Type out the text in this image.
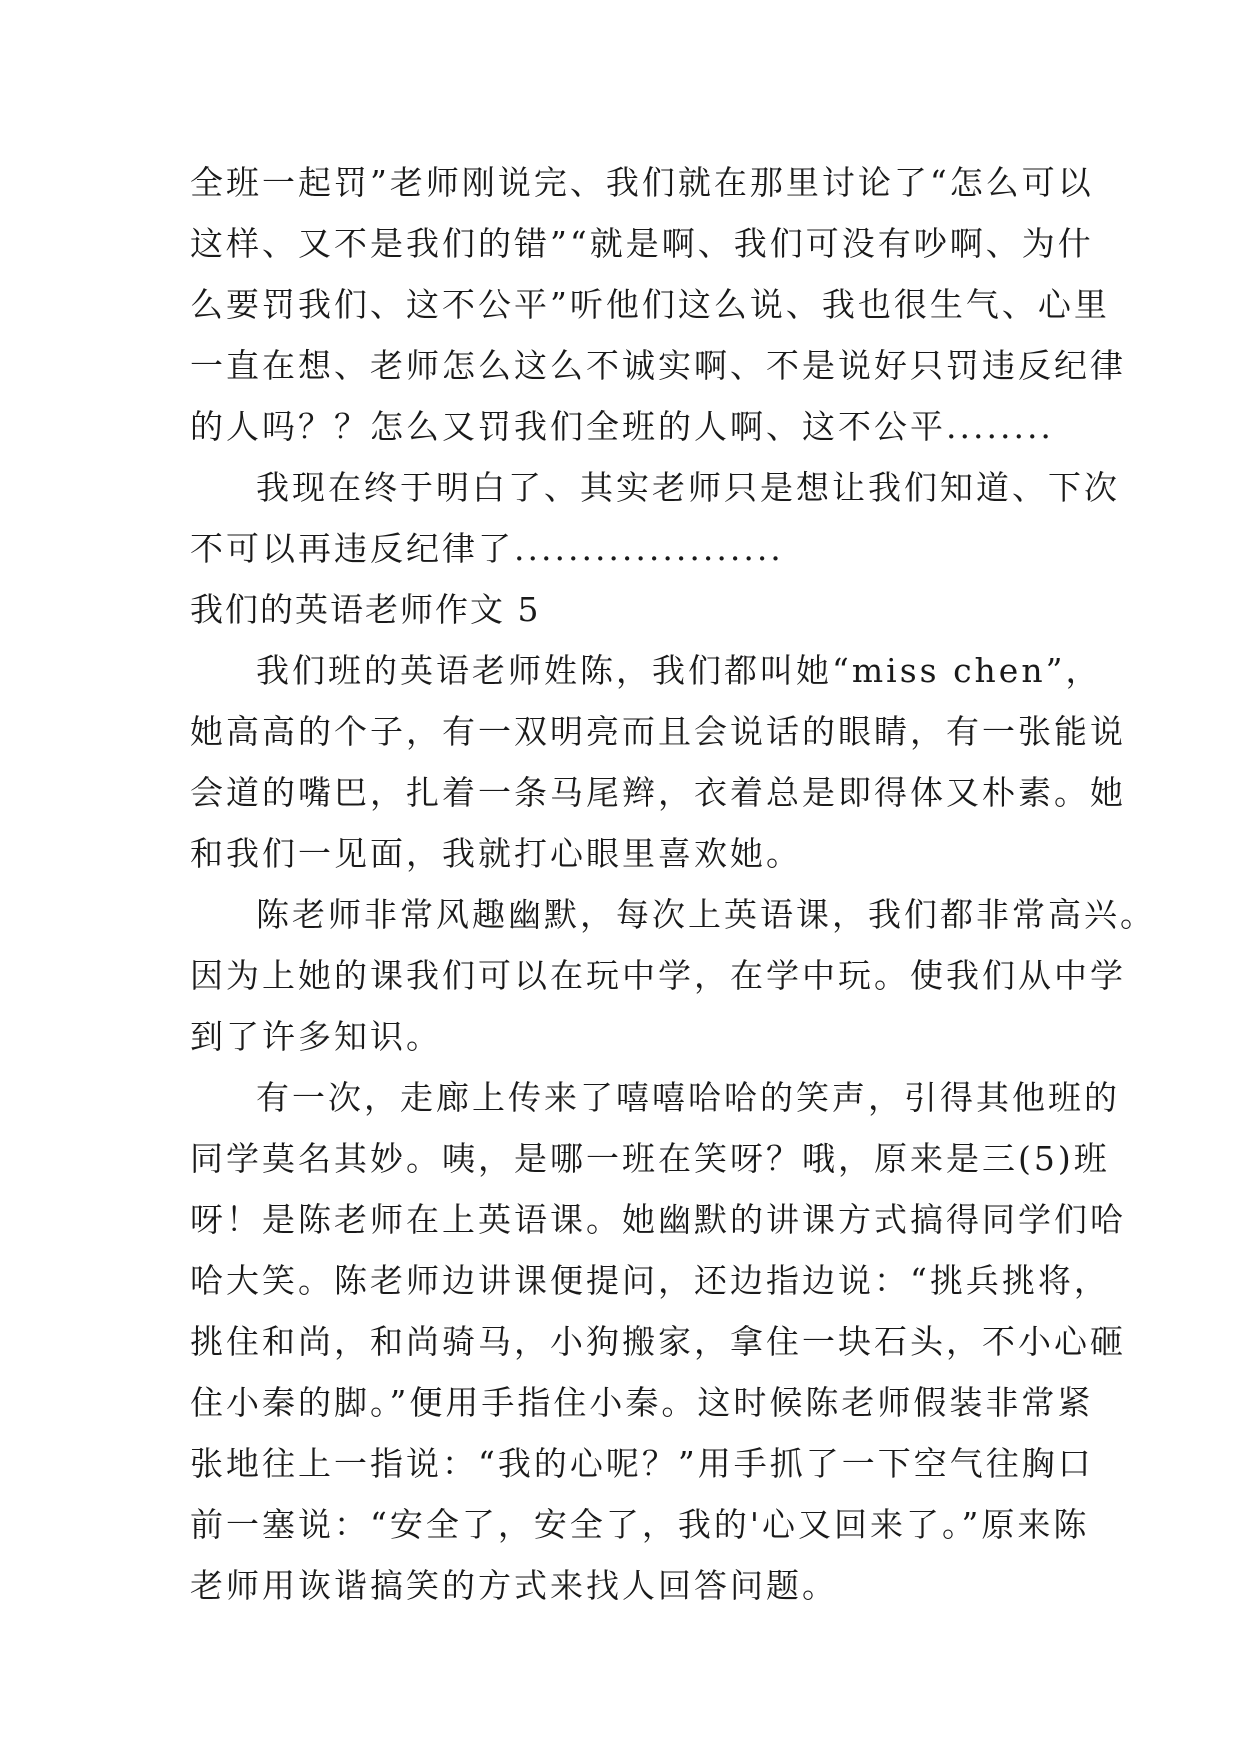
全班一起罚”老师刚说完、我们就在那里讨论了“怎么可以
这样、又不是我们的错”“就是啊、我们可没有吵啊、为什
么要罚我们、这不公平”听他们这么说、我也很生气、心里
一直在想、老师怎么这么不诚实啊、不是说好只罚违反纪律
的人吗？？怎么又罚我们全班的人啊、这不公平........
我现在终于明白了、其实老师只是想让我们知道、下次
不可以再违反纪律了....................
我们的英语老师作文 5
我们班的英语老师姓陈，我们都叫她“miss chen”，
她高高的个子，有一双明亮而且会说话的眼睛，有一张能说
会道的嘴巴，扎着一条马尾辫，衣着总是即得体又朴素。她
和我们一见面，我就打心眼里喜欢她。
陈老师非常风趣幽默，每次上英语课，我们都非常高兴。
因为上她的课我们可以在玩中学，在学中玩。使我们从中学
到了许多知识。
有一次，走廊上传来了嘻嘻哈哈的笑声，引得其他班的
同学莫名其妙。咦，是哪一班在笑呀？哦，原来是三(5)班
呀！是陈老师在上英语课。她幽默的讲课方式搞得同学们哈
哈大笑。陈老师边讲课便提问，还边指边说：“挑兵挑将，
挑住和尚，和尚骑马，小狗搬家，拿住一块石头，不小心砸
住小秦的脚。”便用手指住小秦。这时候陈老师假装非常紧
张地往上一指说：“我的心呢？”用手抓了一下空气往胸口
前一塞说：“安全了，安全了，我的'心又回来了。”原来陈
老师用诙谐搞笑的方式来找人回答问题。
